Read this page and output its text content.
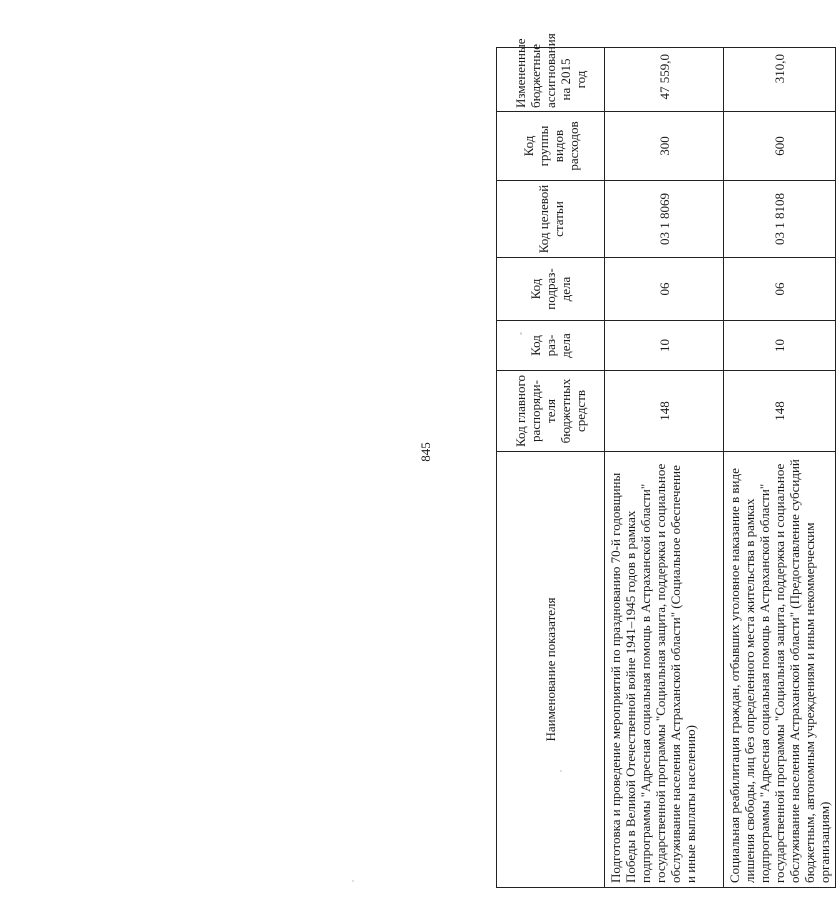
845
Наименование показателя	Код главного распоряди-теля бюджетных средств	Код раз-дела	Код подраз-дела	Код целевой статьи	Код группы видов расходов	Измененные бюджетные ассигнования на 2015 год
Подготовка и проведение мероприятий по празднованию 70-й годовщины Победы в Великой Отечественной войне 1941–1945 годов в рамках подпрограммы "Адресная социальная помощь в Астраханской области" государственной программы "Социальная защита, поддержка и социальное обслуживание населения Астраханской области" (Социальное обеспечение и иные выплаты населению)	148	10	06	03 1 8069	300	47 559,0
Социальная реабилитация граждан, отбывших уголовное наказание в виде лишения свободы, лиц без определенного места жительства в рамках подпрограммы "Адресная социальная помощь в Астраханской области" государственной программы "Социальная защита, поддержка и социальное обслуживание населения Астраханской области" (Предоставление субсидий бюджетным, автономным учреждениям и иным некоммерческим организациям)	148	10	06	03 1 8108	600	310,0
